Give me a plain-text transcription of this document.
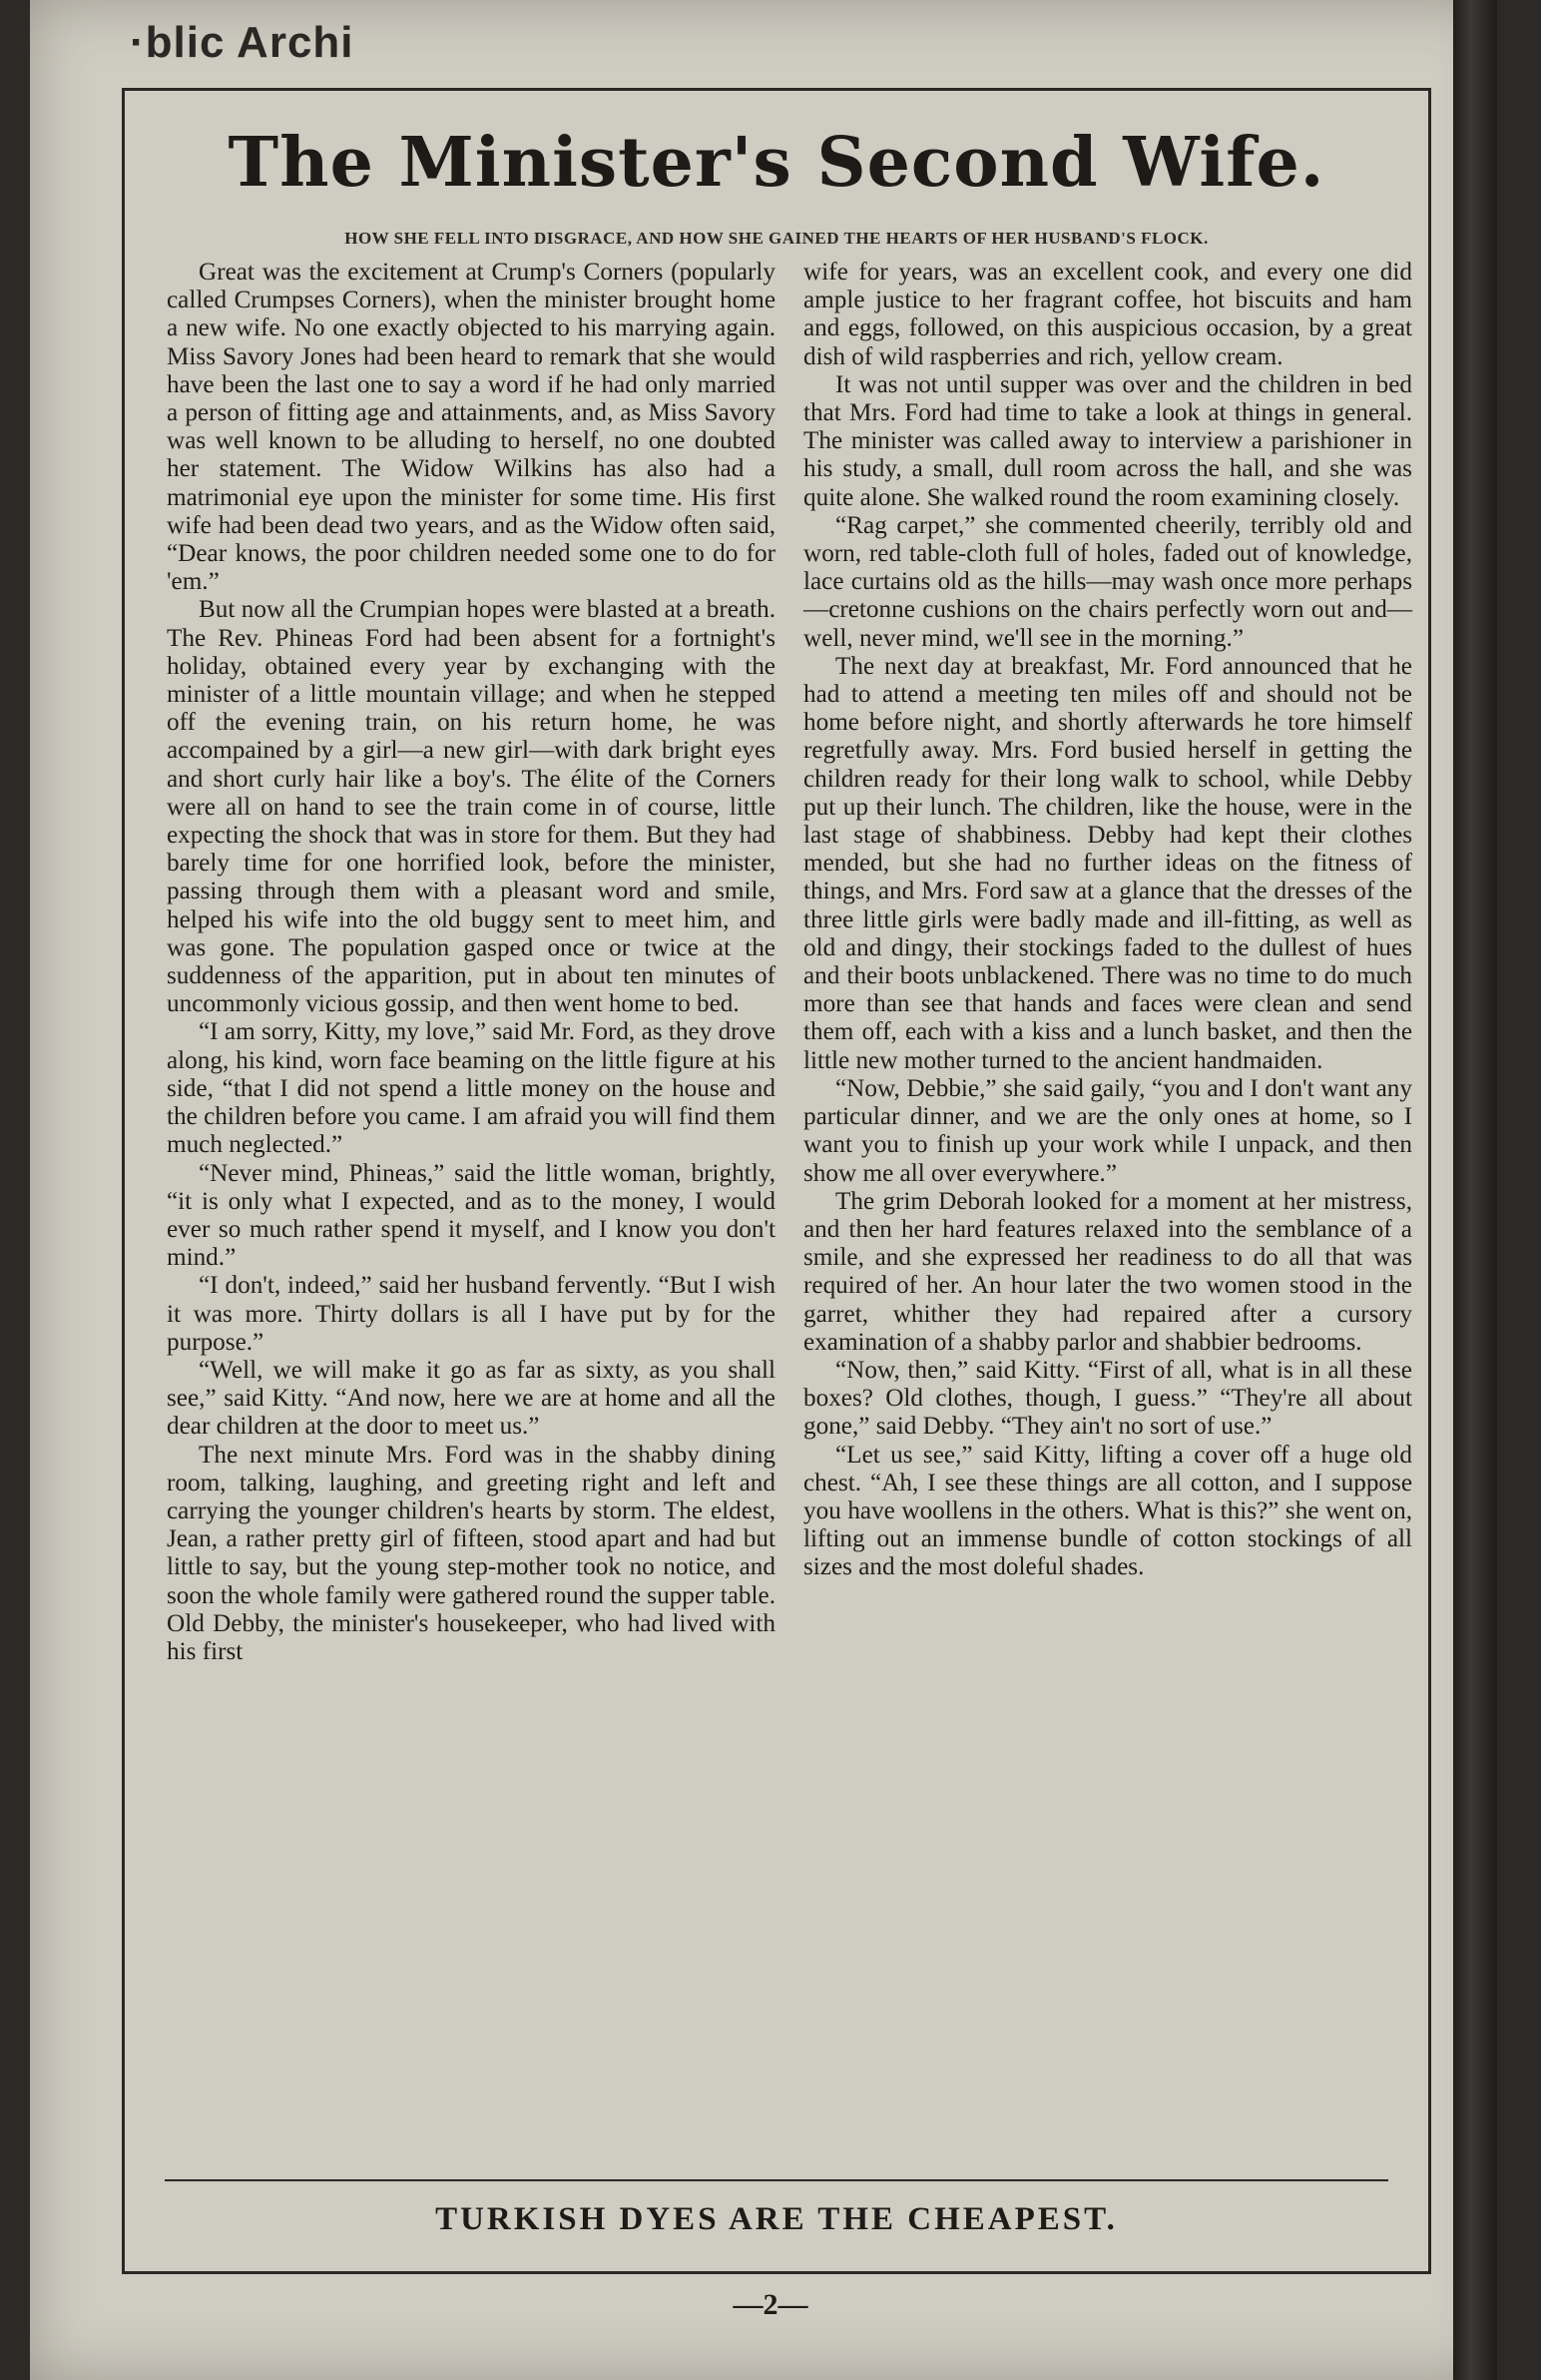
·blic Archi
The Minister's Second Wife.
HOW SHE FELL INTO DISGRACE, AND HOW SHE GAINED THE HEARTS OF HER HUSBAND'S FLOCK.

Great was the excitement at Crump's Corners (popularly called Crumpses Corners), when the minister brought home a new wife. No one exactly objected to his marrying again. Miss Savory Jones had been heard to remark that she would have been the last one to say a word if he had only married a person of fitting age and attainments, and, as Miss Savory was well known to be alluding to herself, no one doubted her statement. The Widow Wilkins has also had a matrimonial eye upon the minister for some time. His first wife had been dead two years, and as the Widow often said, “Dear knows, the poor children needed some one to do for 'em.”

But now all the Crumpian hopes were blasted at a breath. The Rev. Phineas Ford had been absent for a fortnight's holiday, obtained every year by exchanging with the minister of a little mountain village; and when he stepped off the evening train, on his return home, he was accompained by a girl—a new girl—with dark bright eyes and short curly hair like a boy's. The élite of the Corners were all on hand to see the train come in of course, little expecting the shock that was in store for them. But they had barely time for one horrified look, before the minister, passing through them with a pleasant word and smile, helped his wife into the old buggy sent to meet him, and was gone. The population gasped once or twice at the suddenness of the apparition, put in about ten minutes of uncommonly vicious gossip, and then went home to bed.

“I am sorry, Kitty, my love,” said Mr. Ford, as they drove along, his kind, worn face beaming on the little figure at his side, “that I did not spend a little money on the house and the children before you came. I am afraid you will find them much neglected.”

“Never mind, Phineas,” said the little woman, brightly, “it is only what I expected, and as to the money, I would ever so much rather spend it myself, and I know you don't mind.”

“I don't, indeed,” said her husband fervently. “But I wish it was more. Thirty dollars is all I have put by for the purpose.”

“Well, we will make it go as far as sixty, as you shall see,” said Kitty. “And now, here we are at home and all the dear children at the door to meet us.”

The next minute Mrs. Ford was in the shabby dining room, talking, laughing, and greeting right and left and carrying the younger children's hearts by storm. The eldest, Jean, a rather pretty girl of fifteen, stood apart and had but little to say, but the young step-mother took no notice, and soon the whole family were gathered round the supper table. Old Debby, the minister's housekeeper, who had lived with his first

wife for years, was an excellent cook, and every one did ample justice to her fragrant coffee, hot biscuits and ham and eggs, followed, on this auspicious occasion, by a great dish of wild raspberries and rich, yellow cream.

It was not until supper was over and the children in bed that Mrs. Ford had time to take a look at things in general. The minister was called away to interview a parishioner in his study, a small, dull room across the hall, and she was quite alone. She walked round the room examining closely.

“Rag carpet,” she commented cheerily, terribly old and worn, red table-cloth full of holes, faded out of knowledge, lace curtains old as the hills—may wash once more perhaps—cretonne cushions on the chairs perfectly worn out and—well, never mind, we'll see in the morning.”

The next day at breakfast, Mr. Ford announced that he had to attend a meeting ten miles off and should not be home before night, and shortly afterwards he tore himself regretfully away. Mrs. Ford busied herself in getting the children ready for their long walk to school, while Debby put up their lunch. The children, like the house, were in the last stage of shabbiness. Debby had kept their clothes mended, but she had no further ideas on the fitness of things, and Mrs. Ford saw at a glance that the dresses of the three little girls were badly made and ill-fitting, as well as old and dingy, their stockings faded to the dullest of hues and their boots unblackened. There was no time to do much more than see that hands and faces were clean and send them off, each with a kiss and a lunch basket, and then the little new mother turned to the ancient handmaiden.

“Now, Debbie,” she said gaily, “you and I don't want any particular dinner, and we are the only ones at home, so I want you to finish up your work while I unpack, and then show me all over everywhere.”

The grim Deborah looked for a moment at her mistress, and then her hard features relaxed into the semblance of a smile, and she expressed her readiness to do all that was required of her. An hour later the two women stood in the garret, whither they had repaired after a cursory examination of a shabby parlor and shabbier bedrooms.

“Now, then,” said Kitty. “First of all, what is in all these boxes? Old clothes, though, I guess.” “They're all about gone,” said Debby. “They ain't no sort of use.”

“Let us see,” said Kitty, lifting a cover off a huge old chest. “Ah, I see these things are all cotton, and I suppose you have woollens in the others. What is this?” she went on, lifting out an immense bundle of cotton stockings of all sizes and the most doleful shades.

TURKISH DYES ARE THE CHEAPEST.
—2—
